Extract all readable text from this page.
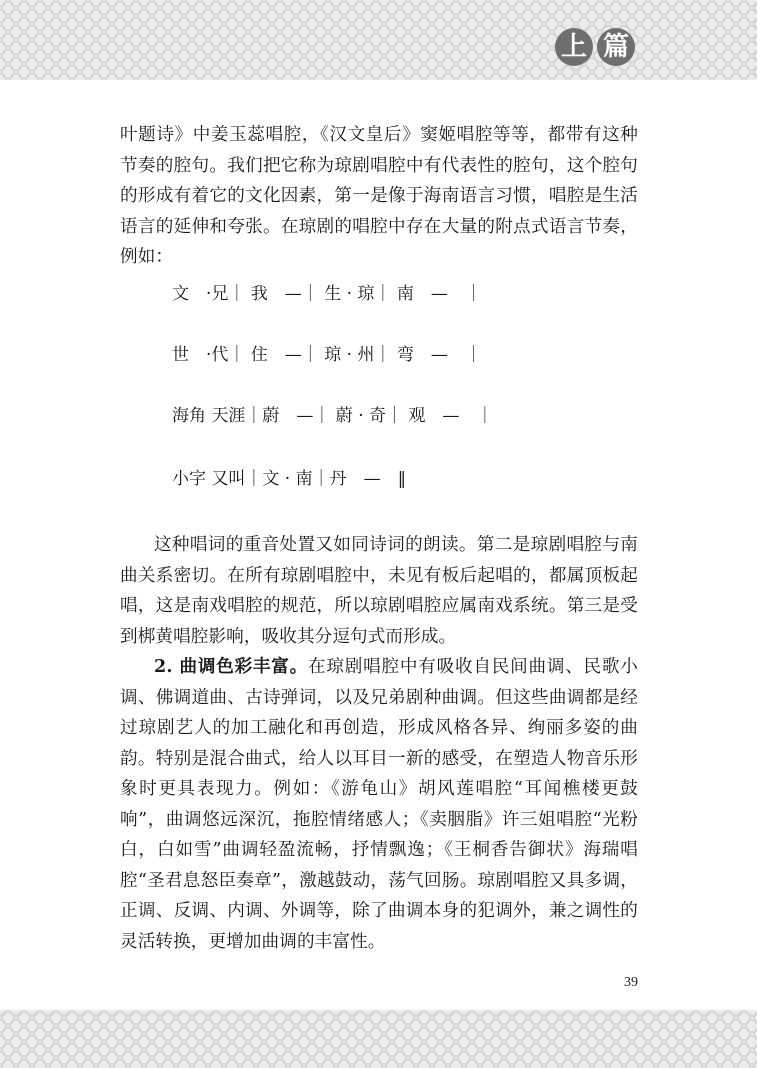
上 篇

叶题诗》中姜玉蕊唱腔，《汉文皇后》窦姬唱腔等等，都带有这种节奏的腔句。我们把它称为琼剧唱腔中有代表性的腔句，这个腔句的形成有着它的文化因素，第一是像于海南语言习惯，唱腔是生活语言的延伸和夸张。在琼剧的唱腔中存在大量的附点式语言节奏，例如：

文　·兄｜ 我　—｜ 生 · 琼｜ 南　—　｜
世　·代｜ 住　—｜ 琼 · 州｜ 弯　—　｜
海角 天涯｜蔚　—｜ 蔚 · 奇｜ 观　—　｜
小字 又叫｜文 · 南｜丹　—　‖

这种唱词的重音处置又如同诗词的朗读。第二是琼剧唱腔与南曲关系密切。在所有琼剧唱腔中，未见有板后起唱的，都属顶板起唱，这是南戏唱腔的规范，所以琼剧唱腔应属南戏系统。第三是受到梆黄唱腔影响，吸收其分逗句式而形成。

2. 曲调色彩丰富。在琼剧唱腔中有吸收自民间曲调、民歌小调、佛调道曲、古诗弹词，以及兄弟剧种曲调。但这些曲调都是经过琼剧艺人的加工融化和再创造，形成风格各异、绚丽多姿的曲韵。特别是混合曲式，给人以耳目一新的感受，在塑造人物音乐形象时更具表现力。例如：《游龟山》胡风莲唱腔“耳闻樵楼更鼓响”，曲调悠远深沉，拖腔情绪感人；《卖胭脂》许三姐唱腔“光粉白，白如雪”曲调轻盈流畅，抒情飘逸；《王桐香告御状》海瑞唱腔“圣君息怒臣奏章”，激越鼓动，荡气回肠。琼剧唱腔又具多调，正调、反调、内调、外调等，除了曲调本身的犯调外，兼之调性的灵活转换，更增加曲调的丰富性。

39
